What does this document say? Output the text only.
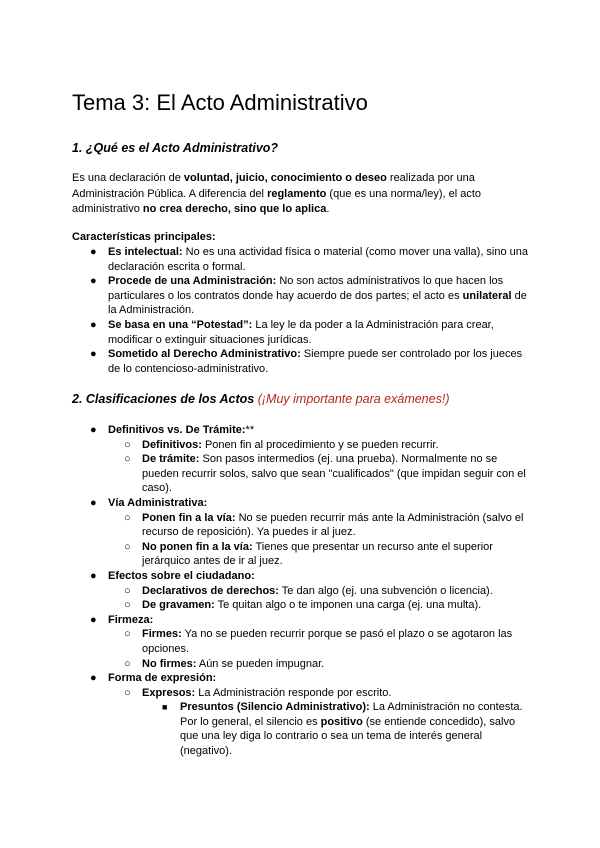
Tema 3: El Acto Administrativo
1. ¿Qué es el Acto Administrativo?
Es una declaración de voluntad, juicio, conocimiento o deseo realizada por una Administración Pública. A diferencia del reglamento (que es una norma/ley), el acto administrativo no crea derecho, sino que lo aplica.
Características principales:
● Es intelectual: No es una actividad física o material (como mover una valla), sino una declaración escrita o formal.
● Procede de una Administración: No son actos administrativos lo que hacen los particulares o los contratos donde hay acuerdo de dos partes; el acto es unilateral de la Administración.
● Se basa en una “Potestad”: La ley le da poder a la Administración para crear, modificar o extinguir situaciones jurídicas.
● Sometido al Derecho Administrativo: Siempre puede ser controlado por los jueces de lo contencioso-administrativo.
2. Clasificaciones de los Actos (¡Muy importante para exámenes!)
● Definitivos vs. De Trámite:**
○ Definitivos: Ponen fin al procedimiento y se pueden recurrir.
○ De trámite: Son pasos intermedios (ej. una prueba). Normalmente no se pueden recurrir solos, salvo que sean "cualificados" (que impidan seguir con el caso).
● Vía Administrativa:
○ Ponen fin a la vía: No se pueden recurrir más ante la Administración (salvo el recurso de reposición). Ya puedes ir al juez.
○ No ponen fin a la vía: Tienes que presentar un recurso ante el superior jerárquico antes de ir al juez.
● Efectos sobre el ciudadano:
○ Declarativos de derechos: Te dan algo (ej. una subvención o licencia).
○ De gravamen: Te quitan algo o te imponen una carga (ej. una multa).
● Firmeza:
○ Firmes: Ya no se pueden recurrir porque se pasó el plazo o se agotaron las opciones.
○ No firmes: Aún se pueden impugnar.
● Forma de expresión:
○ Expresos: La Administración responde por escrito.
■ Presuntos (Silencio Administrativo): La Administración no contesta. Por lo general, el silencio es positivo (se entiende concedido), salvo que una ley diga lo contrario o sea un tema de interés general (negativo).
